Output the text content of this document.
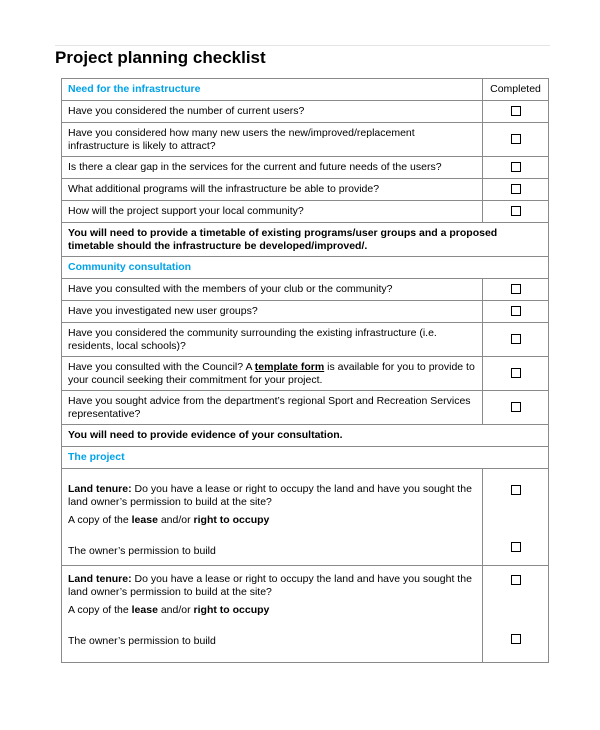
Project planning checklist
Need for the infrastructure	Completed
Have you considered the number of current users?	
Have you considered how many new users the new/improved/replacement infrastructure is likely to attract?	
Is there a clear gap in the services for the current and future needs of the users?	
What additional programs will the infrastructure be able to provide?	
How will the project support your local community?	
You will need to provide a timetable of existing programs/user groups and a proposed timetable should the infrastructure be developed/improved/.	
Community consultation	
Have you consulted with the members of your club or the community?	
Have you investigated new user groups?	
Have you considered the community surrounding the existing infrastructure (i.e. residents, local schools)?	
Have you consulted with the Council? A template form is available for you to provide to your council seeking their commitment for your project.	
Have you sought advice from the department’s regional Sport and Recreation Services representative?	
You will need to provide evidence of your consultation.	
The project	

Land tenure: Do you have a lease or right to occupy the land and have you sought the land owner’s permission to build at the site?
A copy of the lease and/or right to occupy
The owner’s permission to build	

Land tenure: Do you have a lease or right to occupy the land and have you sought the land owner’s permission to build at the site?
A copy of the lease and/or right to occupy
The owner’s permission to build	
